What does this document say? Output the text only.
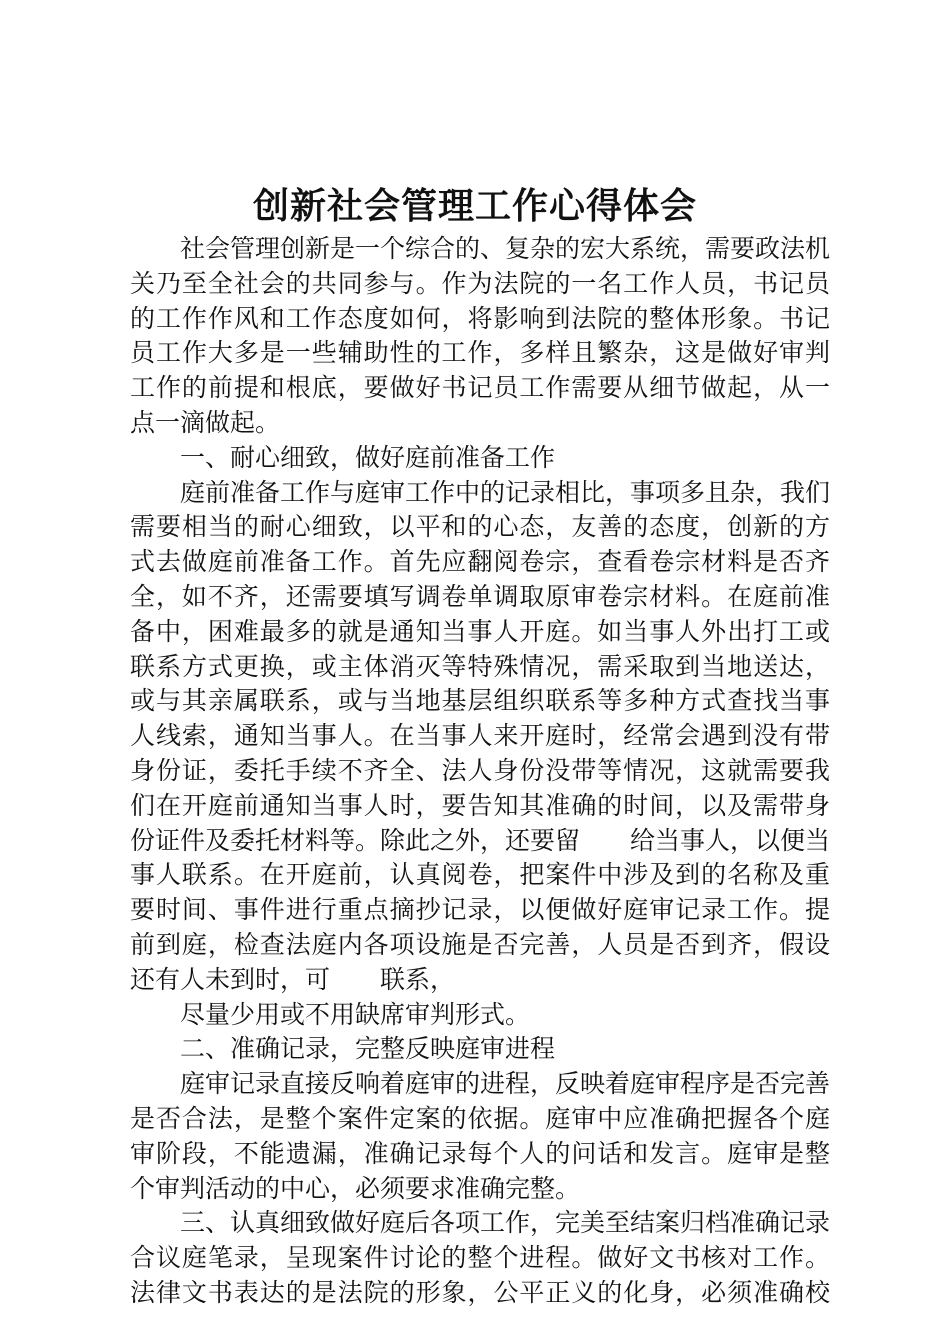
创新社会管理工作心得体会
社会管理创新是一个综合的、复杂的宏大系统，需要政法机
关乃至全社会的共同参与。作为法院的一名工作人员，书记员
的工作作风和工作态度如何，将影响到法院的整体形象。书记
员工作大多是一些辅助性的工作，多样且繁杂，这是做好审判
工作的前提和根底，要做好书记员工作需要从细节做起，从一
点一滴做起。
一、耐心细致，做好庭前准备工作
庭前准备工作与庭审工作中的记录相比，事项多且杂，我们
需要相当的耐心细致，以平和的心态，友善的态度，创新的方
式去做庭前准备工作。首先应翻阅卷宗，查看卷宗材料是否齐
全，如不齐，还需要填写调卷单调取原审卷宗材料。在庭前准
备中，困难最多的就是通知当事人开庭。如当事人外出打工或
联系方式更换，或主体消灭等特殊情况，需采取到当地送达，
或与其亲属联系，或与当地基层组织联系等多种方式查找当事
人线索，通知当事人。在当事人来开庭时，经常会遇到没有带
身份证，委托手续不齐全、法人身份没带等情况，这就需要我
们在开庭前通知当事人时，要告知其准确的时间，以及需带身
份证件及委托材料等。除此之外，还要留　　给当事人，以便当
事人联系。在开庭前，认真阅卷，把案件中涉及到的名称及重
要时间、事件进行重点摘抄记录，以便做好庭审记录工作。提
前到庭，检查法庭内各项设施是否完善，人员是否到齐，假设
还有人未到时，可　　联系，
尽量少用或不用缺席审判形式。
二、准确记录，完整反映庭审进程
庭审记录直接反响着庭审的进程，反映着庭审程序是否完善
是否合法，是整个案件定案的依据。庭审中应准确把握各个庭
审阶段，不能遗漏，准确记录每个人的问话和发言。庭审是整
个审判活动的中心，必须要求准确完整。
三、认真细致做好庭后各项工作，完美至结案归档准确记录
合议庭笔录，呈现案件讨论的整个进程。做好文书核对工作。
法律文书表达的是法院的形象，公平正义的化身，必须准确校
